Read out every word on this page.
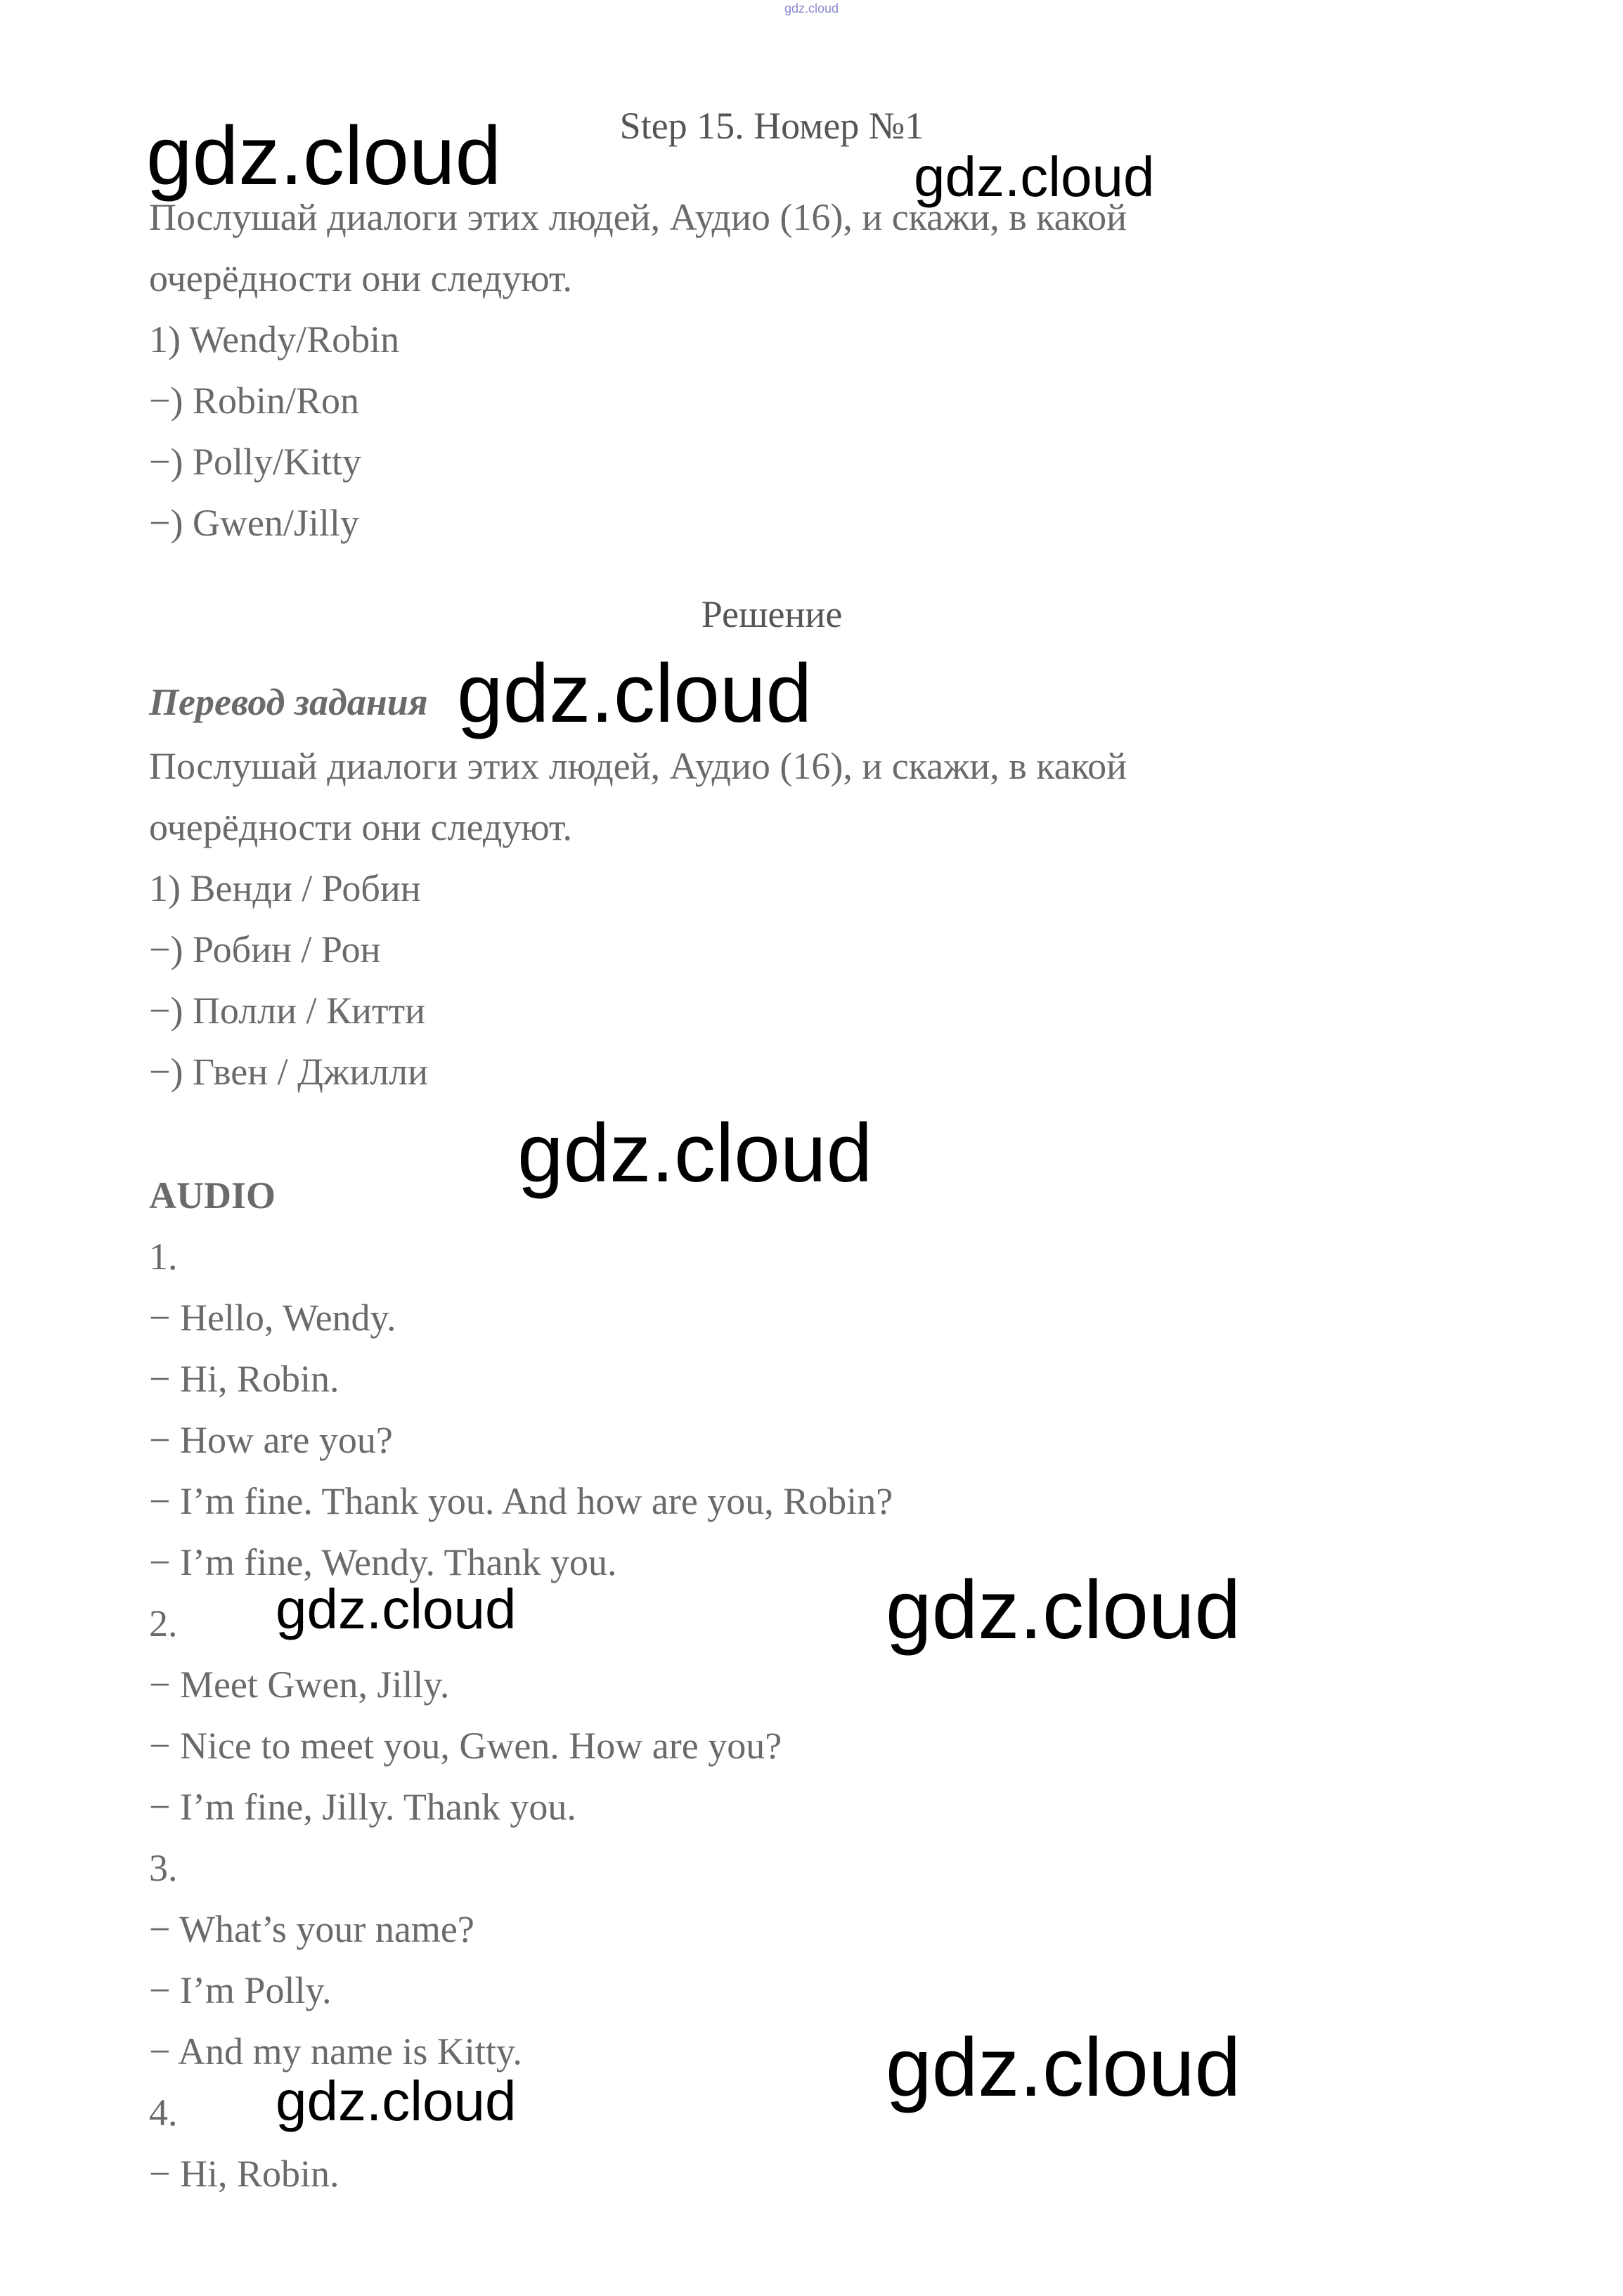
gdz.cloud
Step 15. Номер №1
Послушай диалоги этих людей, Аудио (16), и скажи, в какой
очерёдности они следуют.
1) Wendy/Robin
−) Robin/Ron
−) Polly/Kitty
−) Gwen/Jilly
Решение
Перевод задания
Послушай диалоги этих людей, Аудио (16), и скажи, в какой
очерёдности они следуют.
1) Венди / Робин
−) Робин / Рон
−) Полли / Китти
−) Гвен / Джилли
AUDIO
1.
− Hello, Wendy.
− Hi, Robin.
− How are you?
− I’m fine. Thank you. And how are you, Robin?
− I’m fine, Wendy. Thank you.
2.
− Meet Gwen, Jilly.
− Nice to meet you, Gwen. How are you?
− I’m fine, Jilly. Thank you.
3.
− What’s your name?
− I’m Polly.
− And my name is Kitty.
4.
− Hi, Robin.
gdz.cloud	gdz.cloud
gdz.cloud
gdz.cloud
gdz.cloud	gdz.cloud
gdz.cloud
gdz.cloud
